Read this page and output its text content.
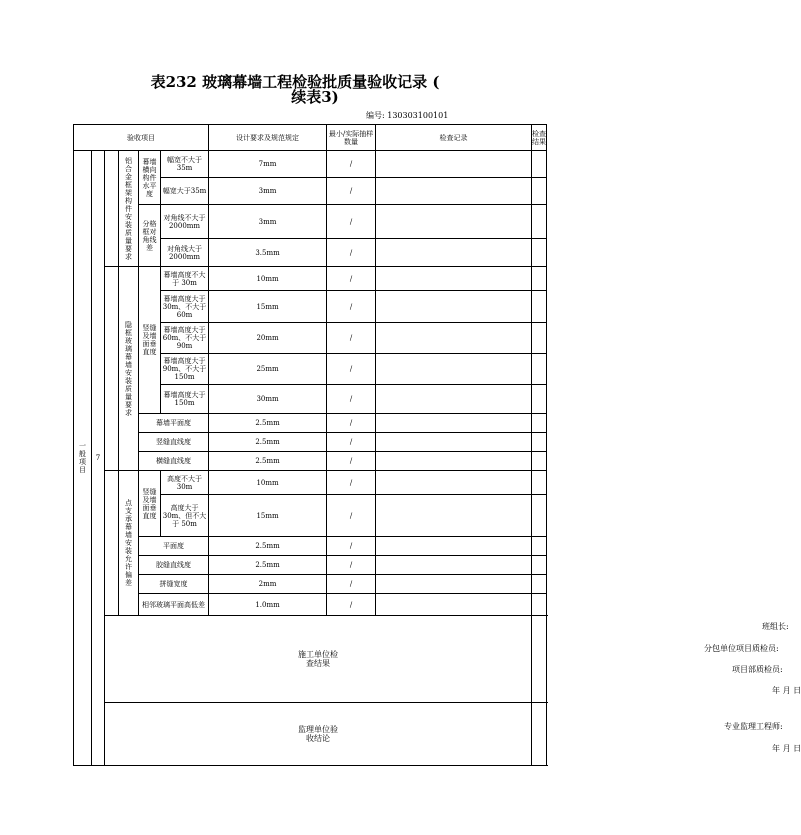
表232 玻璃幕墙工程检验批质量验收记录 (
续表3)
编号: 130303100101
验收项目						设计要求及规范规定	最小/实际抽样数量	检查记录	检查结果
一般项目	7		铝合金框架构件安装质量要求	幕墙横向构件水平度	幅宽不大于35m	7mm	/		
					幅宽大于35m	3mm	/		
				分格框对角线差	对角线不大于 2000mm	3mm	/		
					对角线大于2000mm	3.5mm	/		
			隐框玻璃幕墙安装质量要求	竖缝及墙面垂直度	幕墙高度不大于 30m	10mm	/		
					幕墙高度大于 30m、不大于 60m	15mm	/		
					幕墙高度大于 60m、不大于 90m	20mm	/		
					幕墙高度大于 90m、不大于 150m	25mm	/		
					幕墙高度大于 150m	30mm	/		
				幕墙平面度		2.5mm	/		
				竖缝直线度		2.5mm	/		
				横缝直线度		2.5mm	/		
			点支承幕墙安装允许偏差	竖缝及墙面垂直度	高度不大于 30m	10mm	/		
					高度大于30m、但不大于 50m	15mm	/		
				平面度		2.5mm	/		
				胶缝直线度		2.5mm	/		
				拼缝宽度		2mm	/		
				相邻玻璃平面高低差		1.0mm	/		

		施工单位检查结果							班组长:
分包单位项目质检员:
项目部质检员:
年 月 日

		监理单位验收结论							专业监理工程师:
年 月 日
